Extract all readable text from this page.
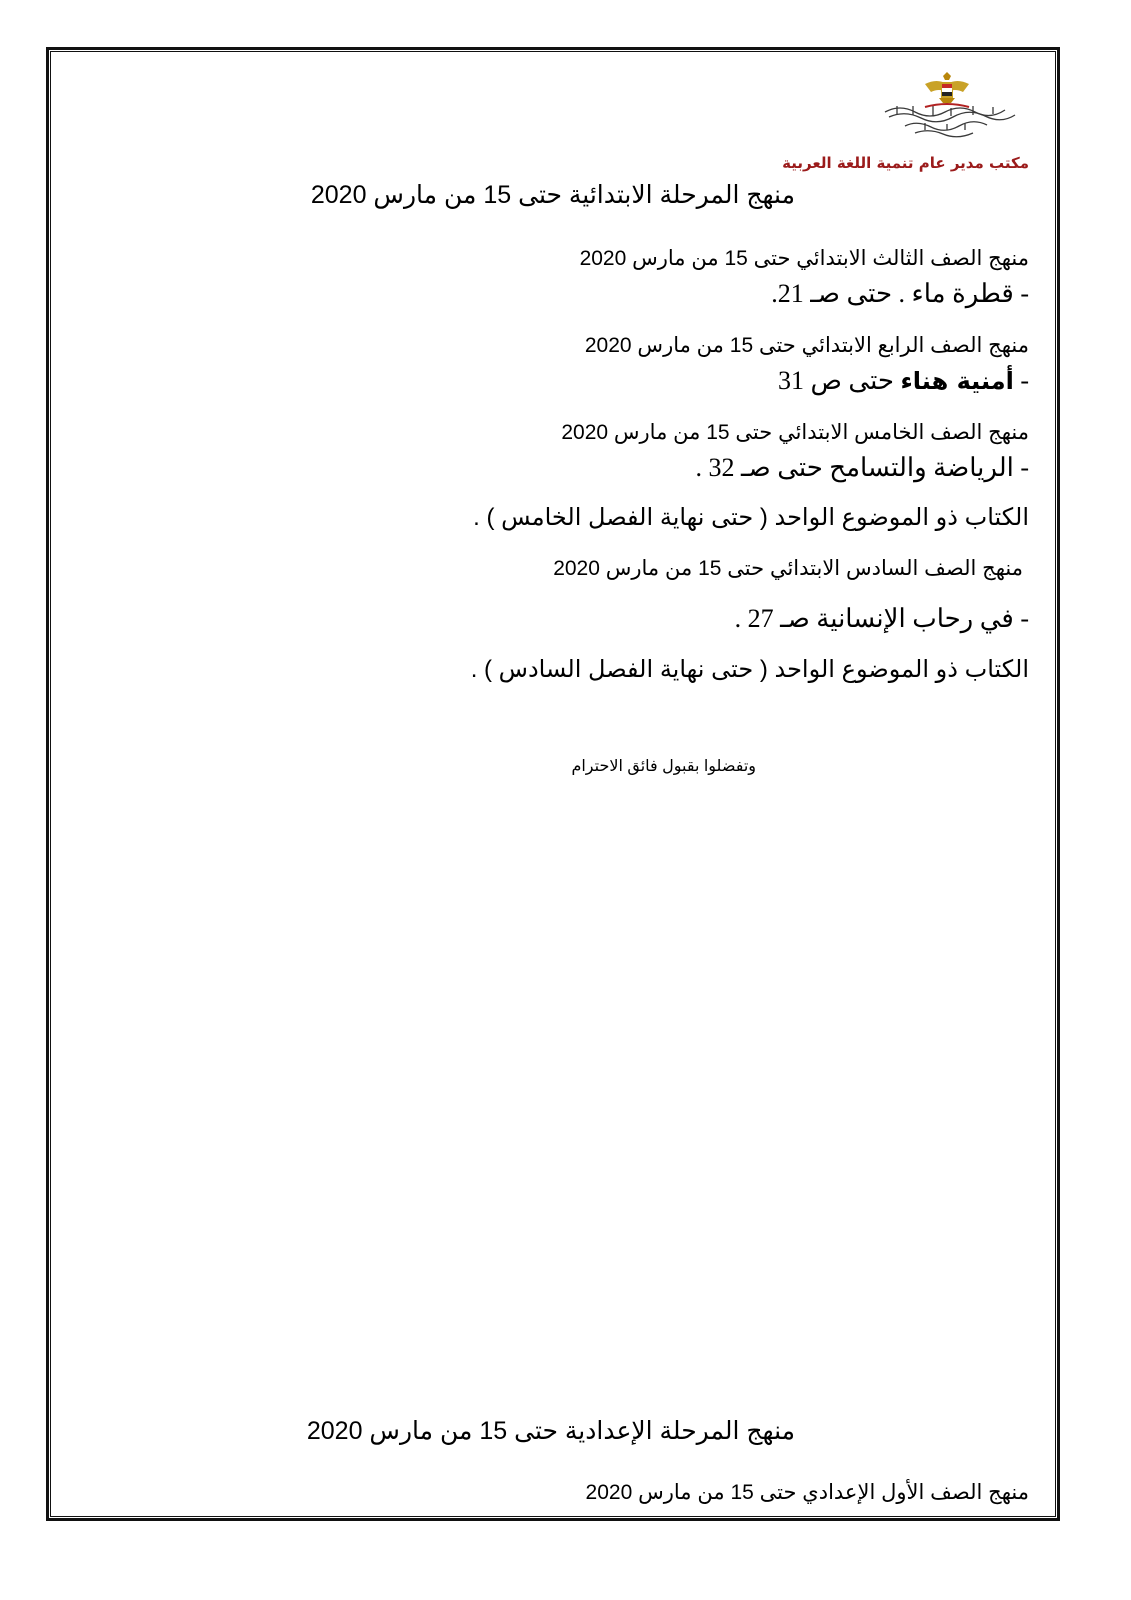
مكتب مدير عام تنمية اللغة العربية
منهج المرحلة الابتدائية حتى 15 من مارس 2020
منهج الصف الثالث الابتدائي حتى 15 من مارس 2020
- قطرة ماء . حتى صـ 21.
منهج الصف الرابع الابتدائي حتى 15 من مارس 2020
- أمنية هناء حتى ص 31
منهج الصف الخامس الابتدائي حتى 15 من مارس 2020
- الرياضة والتسامح حتى صـ 32 .
الكتاب ذو الموضوع الواحد ( حتى نهاية الفصل الخامس ) .
منهج الصف السادس الابتدائي حتى 15 من مارس 2020
- في رحاب الإنسانية صـ 27 .
الكتاب ذو الموضوع الواحد ( حتى نهاية الفصل السادس ) .
وتفضلوا بقبول فائق الاحترام
منهج المرحلة الإعدادية حتى 15 من مارس 2020
منهج الصف الأول الإعدادي حتى 15 من مارس 2020
